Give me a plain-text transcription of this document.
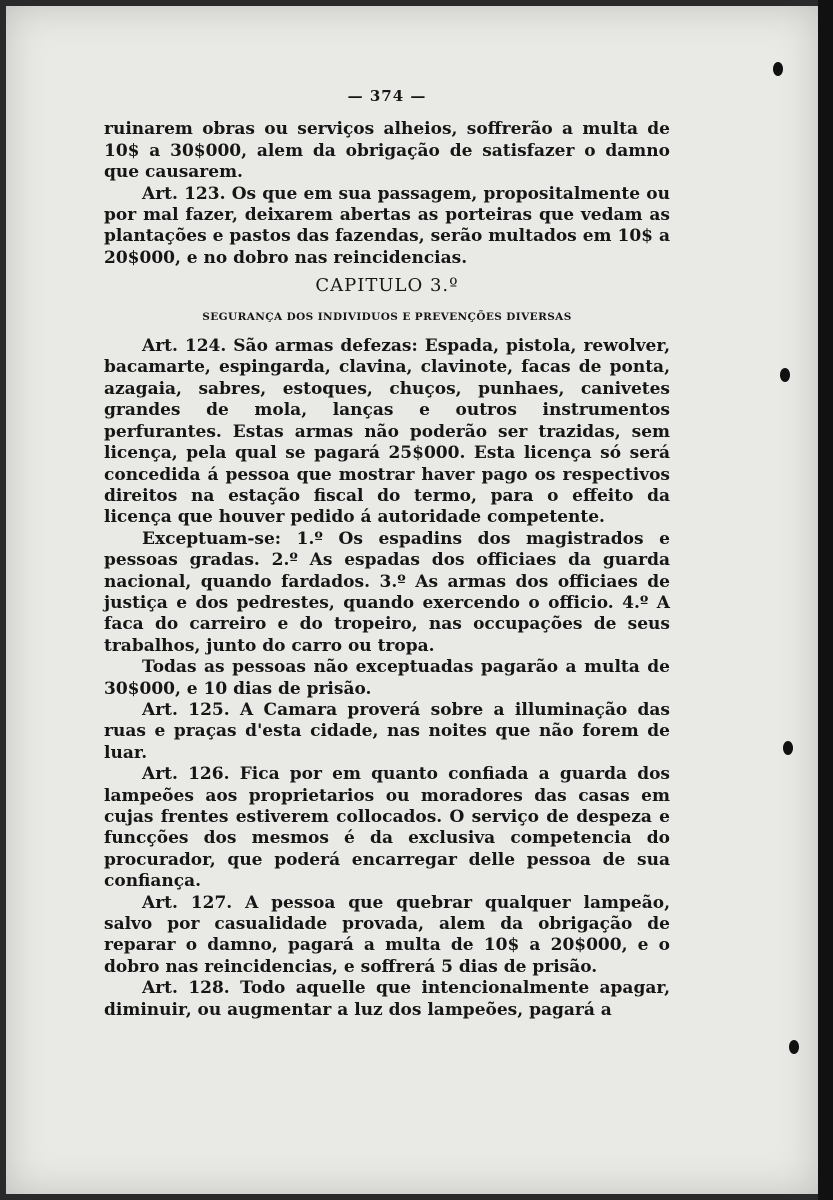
— 374 —

ruinarem obras ou serviços alheios, soffrerão a multa de 10$ a 30$000, alem da obrigação de satisfazer o damno que causarem.

Art. 123. Os que em sua passagem, propositalmente ou por mal fazer, deixarem abertas as porteiras que vedam as plantações e pastos das fazendas, serão multados em 10$ a 20$000, e no dobro nas reincidencias.

CAPITULO 3.º
SEGURANÇA DOS INDIVIDUOS E PREVENÇÕES DIVERSAS

Art. 124. São armas defezas: Espada, pistola, rewolver, bacamarte, espingarda, clavina, clavinote, facas de ponta, azagaia, sabres, estoques, chuços, punhaes, canivetes grandes de mola, lanças e outros instrumentos perfurantes. Estas armas não poderão ser trazidas, sem licença, pela qual se pagará 25$000. Esta licença só será concedida á pessoa que mostrar haver pago os respectivos direitos na estação fiscal do termo, para o effeito da licença que houver pedido á autoridade competente.

Exceptuam-se: 1.º Os espadins dos magistrados e pessoas gradas. 2.º As espadas dos officiaes da guarda nacional, quando fardados. 3.º As armas dos officiaes de justiça e dos pedrestes, quando exercendo o officio. 4.º A faca do carreiro e do tropeiro, nas occupações de seus trabalhos, junto do carro ou tropa.

Todas as pessoas não exceptuadas pagarão a multa de 30$000, e 10 dias de prisão.

Art. 125. A Camara proverá sobre a illuminação das ruas e praças d'esta cidade, nas noites que não forem de luar.

Art. 126. Fica por em quanto confiada a guarda dos lampeões aos proprietarios ou moradores das casas em cujas frentes estiverem collocados. O serviço de despeza e funcções dos mesmos é da exclusiva competencia do procurador, que poderá encarregar delle pessoa de sua confiança.

Art. 127. A pessoa que quebrar qualquer lampeão, salvo por casualidade provada, alem da obrigação de reparar o damno, pagará a multa de 10$ a 20$000, e o dobro nas reincidencias, e soffrerá 5 dias de prisão.

Art. 128. Todo aquelle que intencionalmente apagar, diminuir, ou augmentar a luz dos lampeões, pagará a
